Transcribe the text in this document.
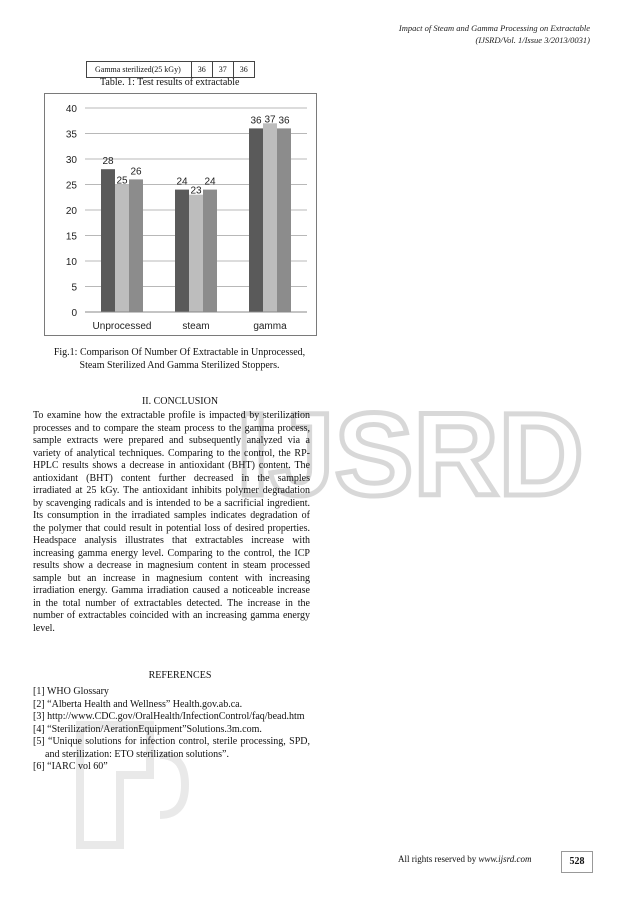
Impact of Steam and Gamma Processing on Extractable
(IJSRD/Vol. 1/Issue 3/2013/0031)
IJSRD
Gamma sterilized(25 kGy)	36	37	36
Table. 1: Test results of extractable
0
5
10
15
20
25
30
35
40
28
25
26
Unprocessed
24
23
24
steam
36 37 36
gamma
Fig.1: Comparison Of Number Of Extractable in Unprocessed, Steam Sterilized And Gamma Sterilized Stoppers.
II. CONCLUSION
To examine how the extractable profile is impacted by sterilization processes and to compare the steam process to the gamma process, sample extracts were prepared and subsequently analyzed via a variety of analytical techniques. Comparing to the control, the RP-HPLC results shows a decrease in antioxidant (BHT) content. The antioxidant (BHT) content further decreased in the samples irradiated at 25 kGy. The antioxidant inhibits polymer degradation by scavenging radicals and is intended to be a sacrificial ingredient. Its consumption in the irradiated samples indicates degradation of the polymer that could result in potential loss of desired properties. Headspace analysis illustrates that extractables increase with increasing gamma energy level. Comparing to the control, the ICP results show a decrease in magnesium content in steam processed sample but an increase in magnesium content with increasing irradiation energy. Gamma irradiation caused a noticeable increase in the total number of extractables detected. The increase in the number of extractables coincided with an increasing gamma energy level.
REFERENCES
[1] WHO Glossary
[2] “Alberta Health and Wellness” Health.gov.ab.ca.
[3] http://www.CDC.gov/OralHealth/InfectionControl/faq/bead.htm
[4] “Sterilization/AerationEquipment”Solutions.3m.com.
[5] “Unique solutions for infection control, sterile processing, SPD, and sterilization: ETO sterilization solutions”.
[6] “IARC vol 60”
All rights reserved by www.ijsrd.com	528
